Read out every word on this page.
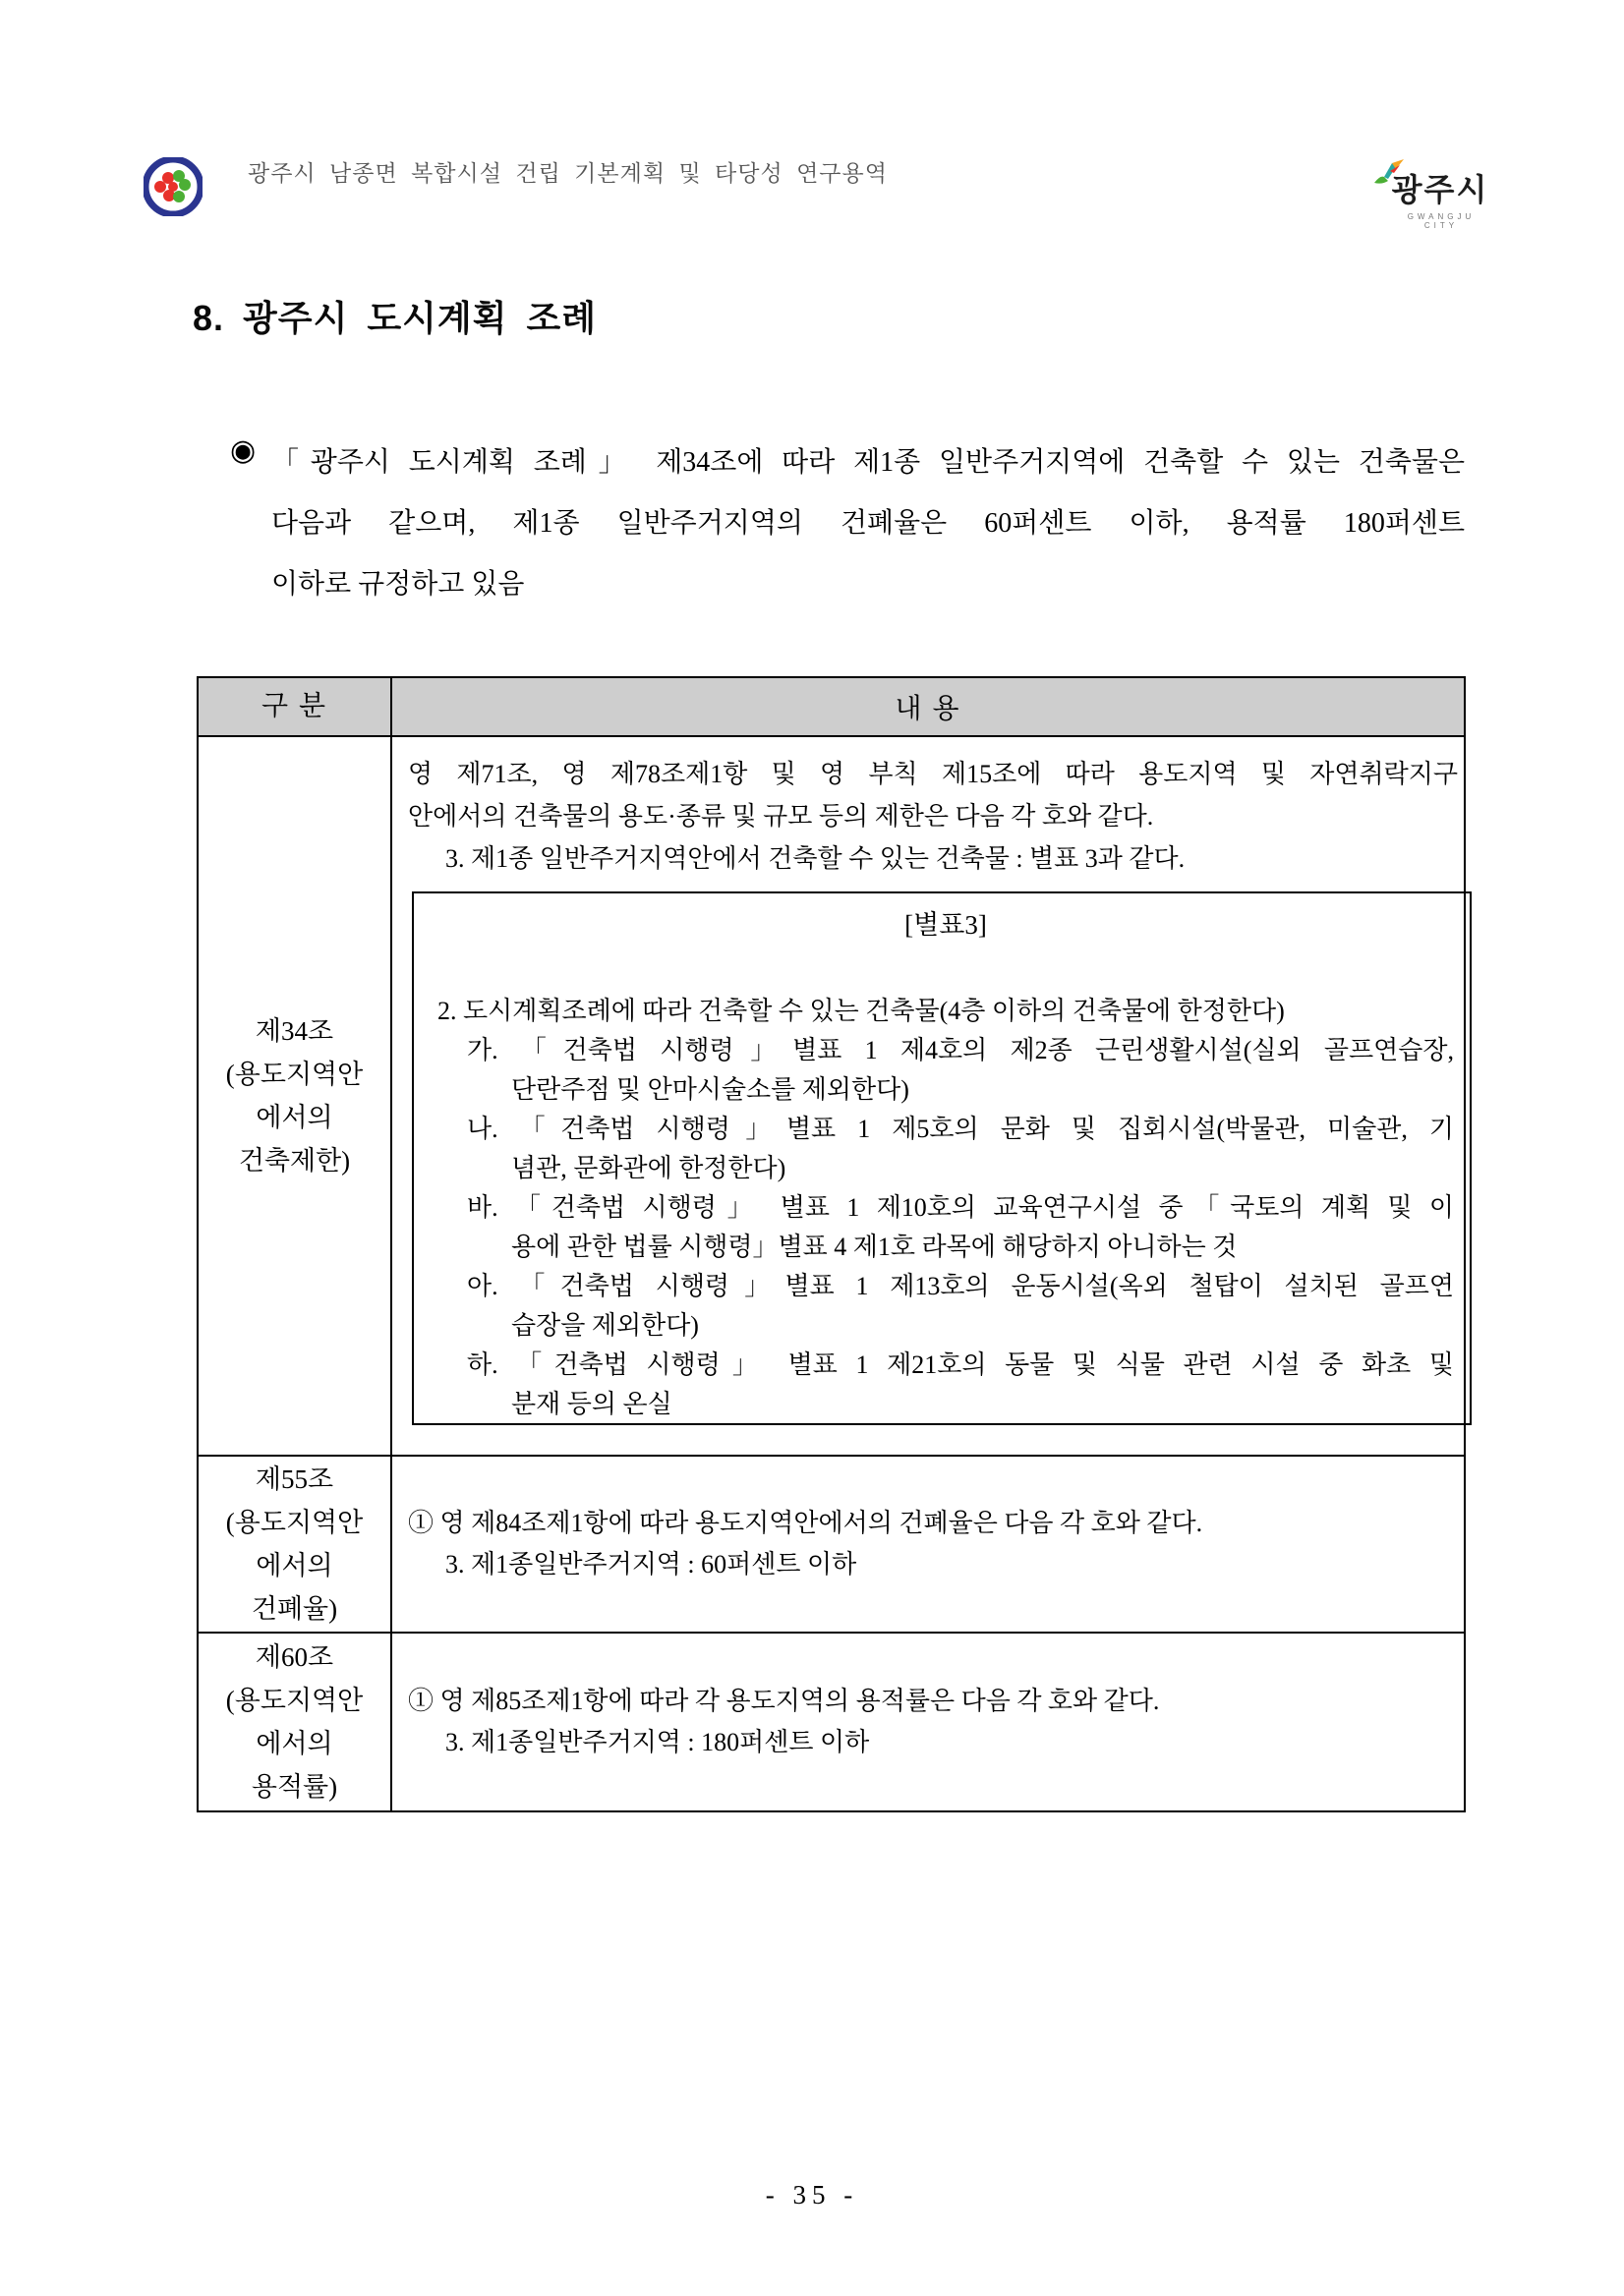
광주시 남종면 복합시설 건립 기본계획 및 타당성 연구용역	광주시
GWANGJU CITY
8. 광주시 도시계획 조례
◉ 「광주시 도시계획 조례」 제34조에 따라 제1종 일반주거지역에 건축할 수 있는 건축물은
다음과 같으며, 제1종 일반주거지역의 건폐율은 60퍼센트 이하, 용적률 180퍼센트
이하로 규정하고 있음
구 분	내 용
제34조
(용도지역안
에서의
건축제한)
영 제71조, 영 제78조제1항 및 영 부칙 제15조에 따라 용도지역 및 자연취락지구
안에서의 건축물의 용도·종류 및 규모 등의 제한은 다음 각 호와 같다.
3. 제1종 일반주거지역안에서 건축할 수 있는 건축물 : 별표 3과 같다.
[별표3]
2. 도시계획조례에 따라 건축할 수 있는 건축물(4층 이하의 건축물에 한정한다)
가. 「건축법 시행령」별표 1 제4호의 제2종 근린생활시설(실외 골프연습장,
단란주점 및 안마시술소를 제외한다)
나. 「건축법 시행령」별표 1 제5호의 문화 및 집회시설(박물관, 미술관, 기
념관, 문화관에 한정한다)
바. 「건축법 시행령」 별표 1 제10호의 교육연구시설 중「국토의 계획 및 이
용에 관한 법률 시행령」별표 4 제1호 라목에 해당하지 아니하는 것
아. 「건축법 시행령」별표 1 제13호의 운동시설(옥외 철탑이 설치된 골프연
습장을 제외한다)
하. 「건축법 시행령」 별표 1 제21호의 동물 및 식물 관련 시설 중 화초 및
분재 등의 온실
제55조
(용도지역안
에서의
건폐율)
① 영 제84조제1항에 따라 용도지역안에서의 건폐율은 다음 각 호와 같다.
3. 제1종일반주거지역 : 60퍼센트 이하
제60조
(용도지역안
에서의
용적률)
① 영 제85조제1항에 따라 각 용도지역의 용적률은 다음 각 호와 같다.
3. 제1종일반주거지역 : 180퍼센트 이하
- 35 -
